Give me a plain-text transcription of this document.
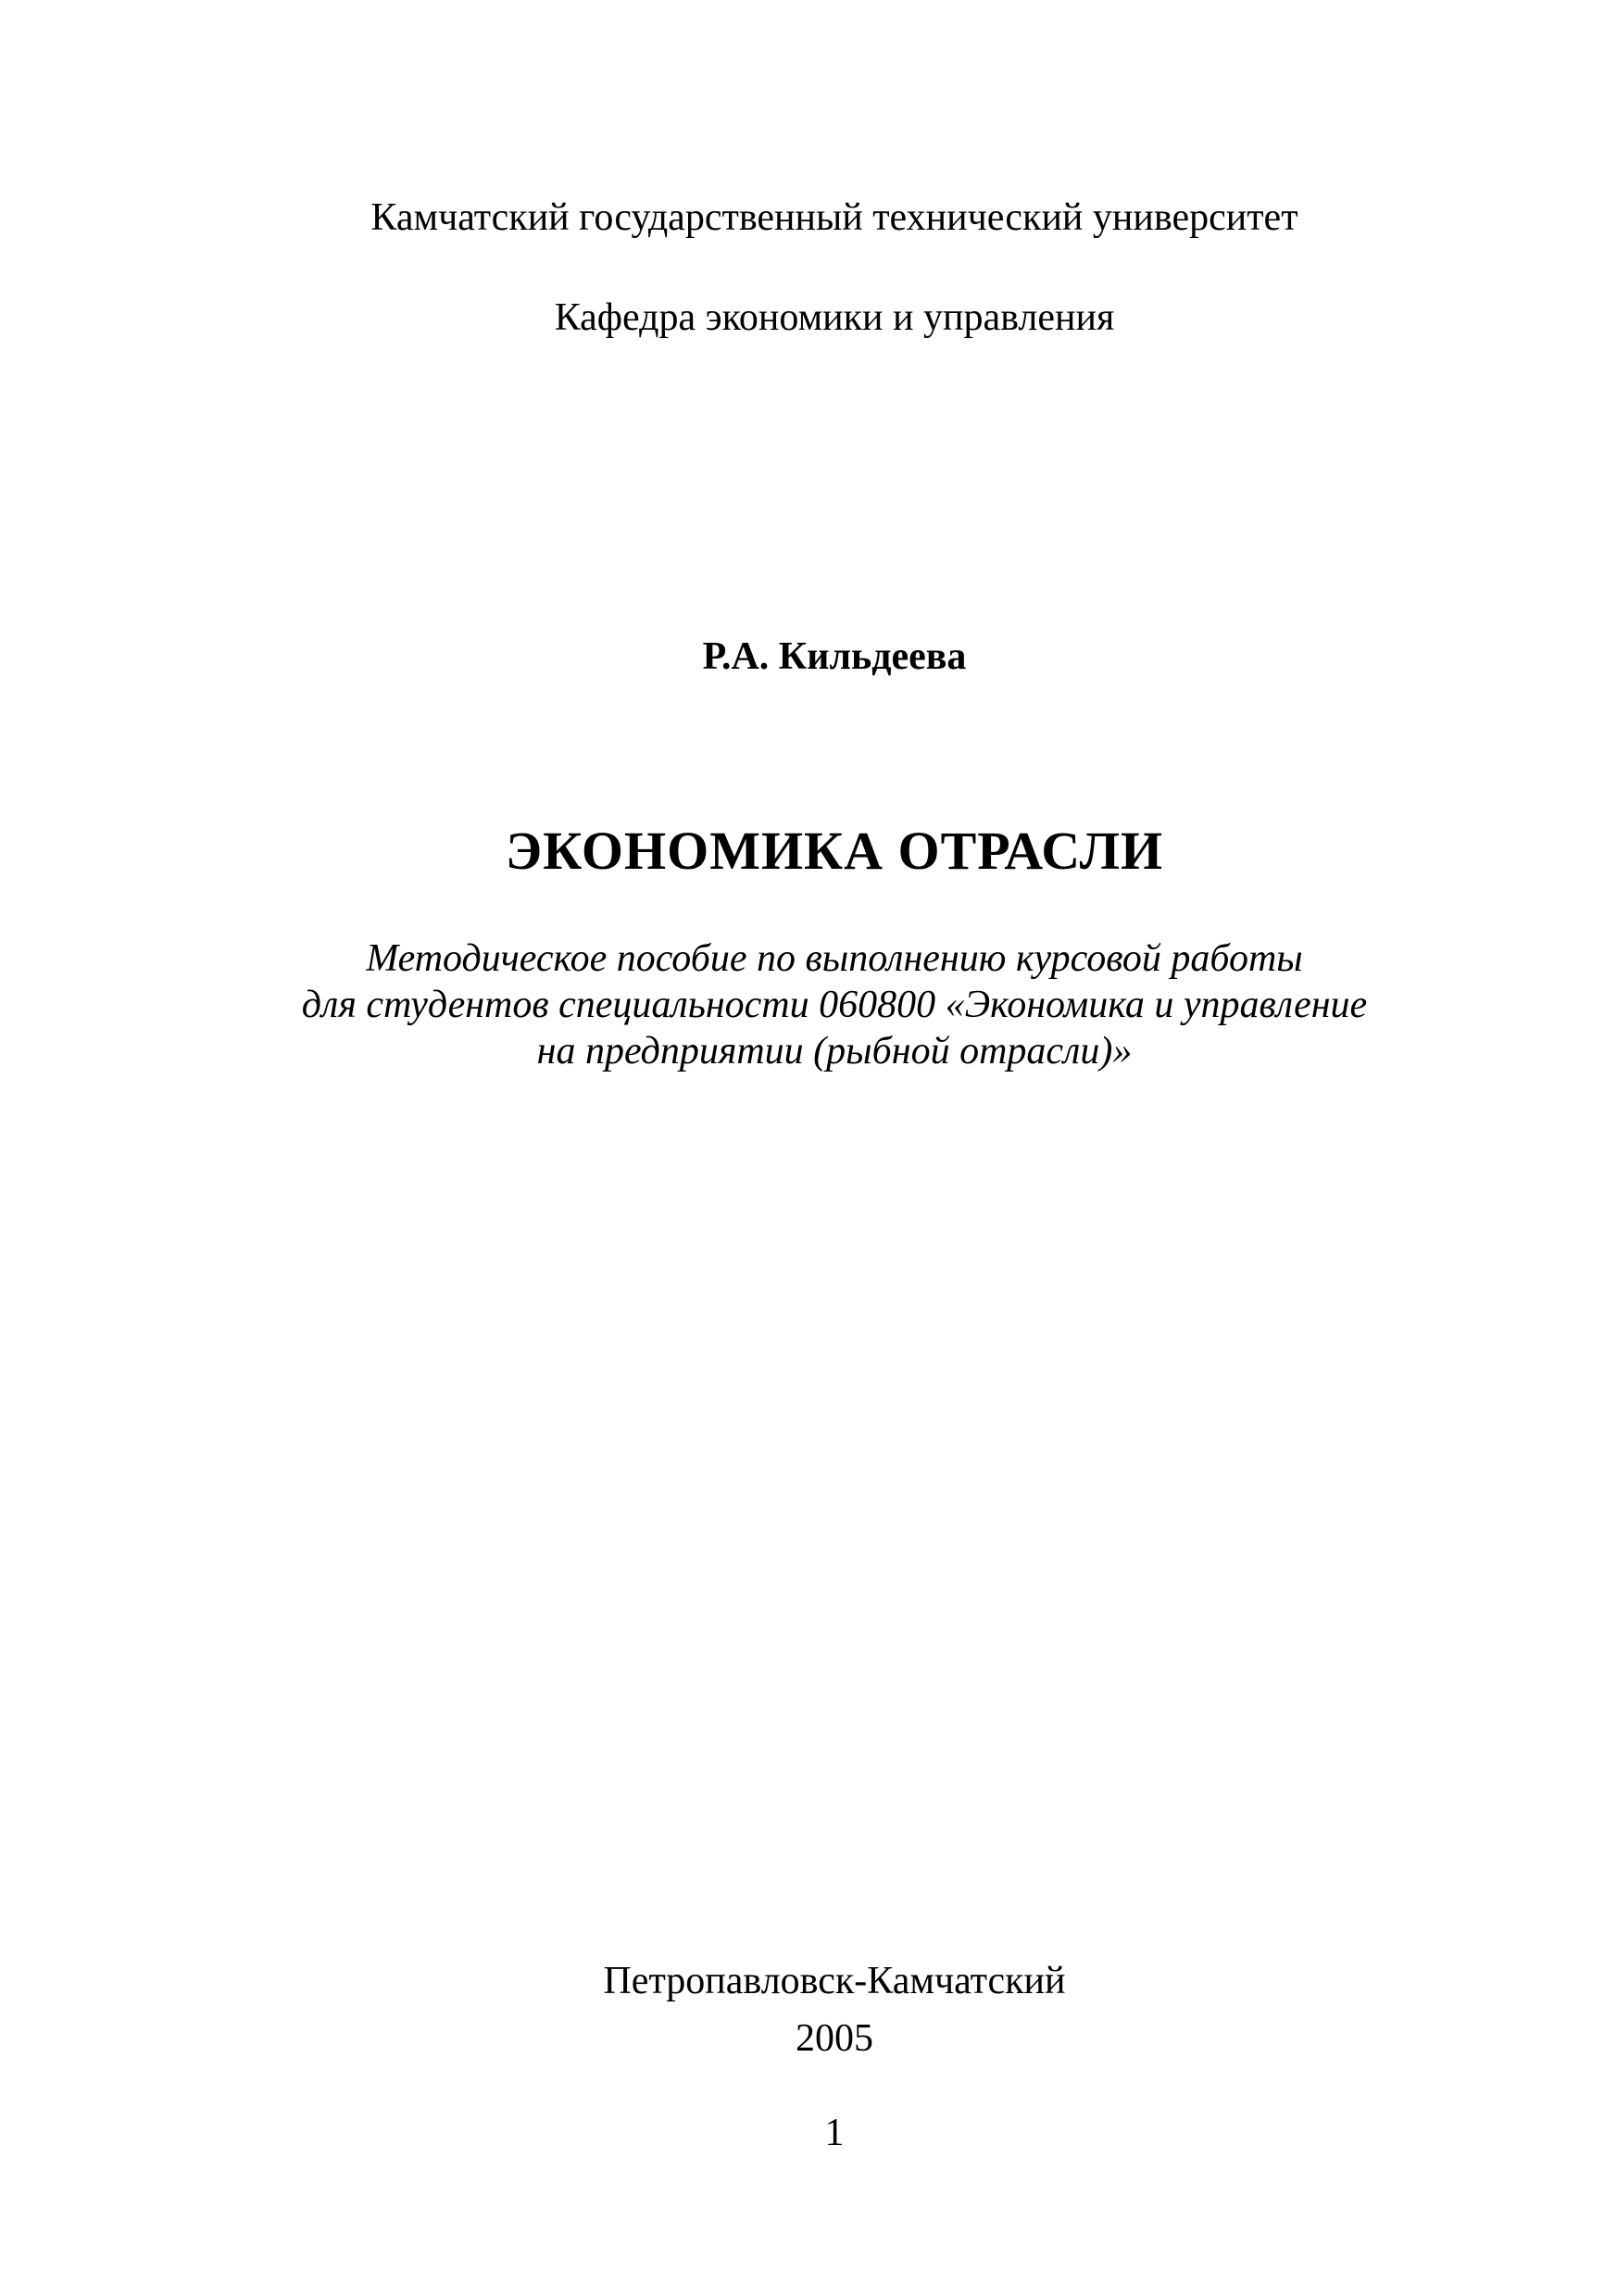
Камчатский государственный технический университет
Кафедра экономики и управления
Р.А. Кильдеева
ЭКОНОМИКА ОТРАСЛИ
Методическое пособие по выполнению курсовой работы
для студентов специальности 060800 «Экономика и управление
на предприятии (рыбной отрасли)»
Петропавловск-Камчатский
2005
1
